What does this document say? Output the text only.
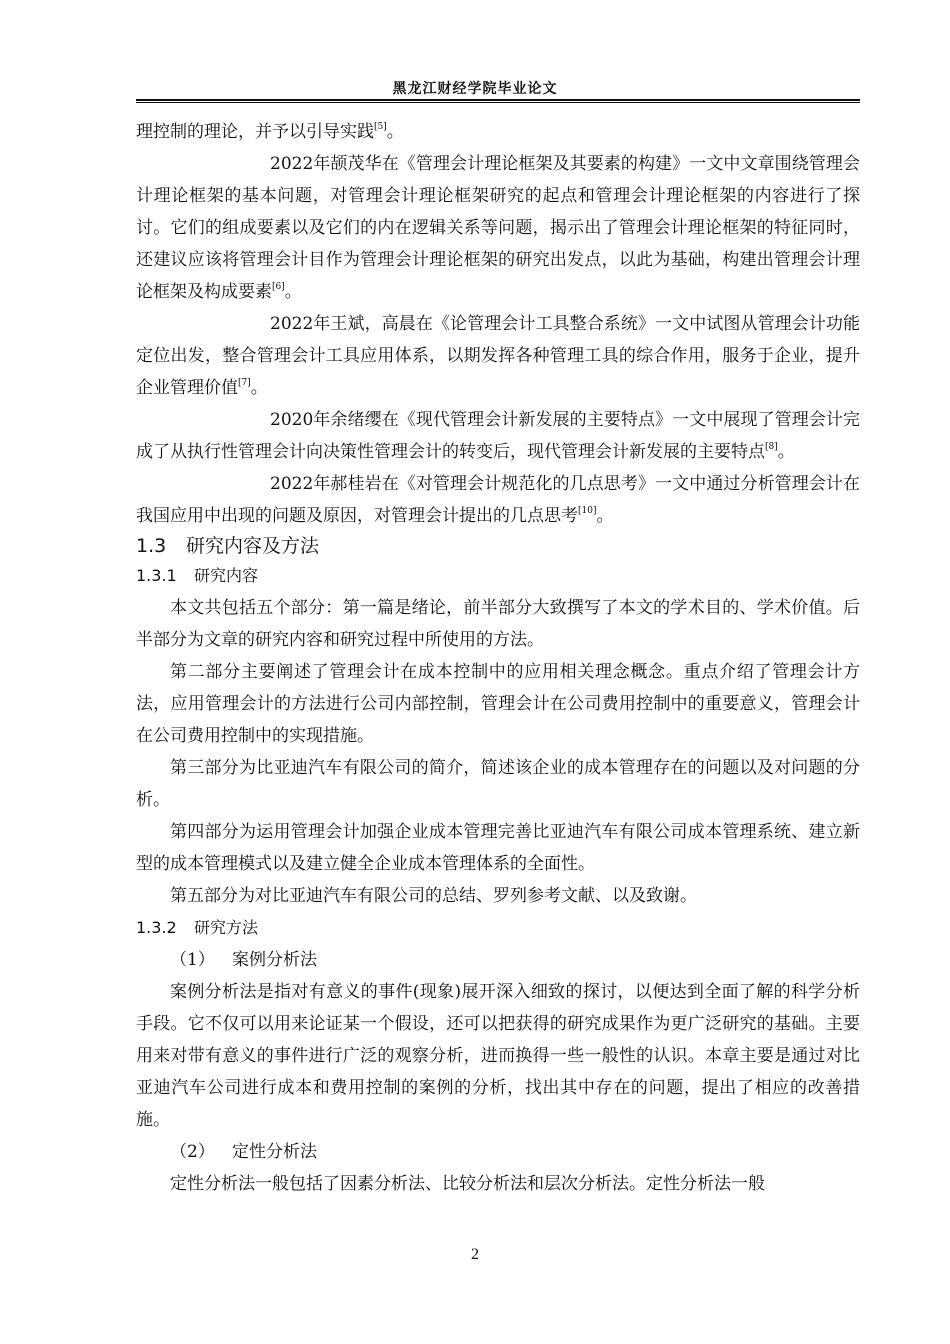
黑龙江财经学院毕业论文

理控制的理论，并予以引导实践[5]。

2022年颉茂华在《管理会计理论框架及其要素的构建》一文中文章围绕管理会计理论框架的基本问题，对管理会计理论框架研究的起点和管理会计理论框架的内容进行了探讨。它们的组成要素以及它们的内在逻辑关系等问题，揭示出了管理会计理论框架的特征同时，还建议应该将管理会计目作为管理会计理论框架的研究出发点，以此为基础，构建出管理会计理论框架及构成要素[6]。

2022年王斌，高晨在《论管理会计工具整合系统》一文中试图从管理会计功能定位出发，整合管理会计工具应用体系，以期发挥各种管理工具的综合作用，服务于企业，提升企业管理价值[7]。

2020年余绪缨在《现代管理会计新发展的主要特点》一文中展现了管理会计完成了从执行性管理会计向决策性管理会计的转变后，现代管理会计新发展的主要特点[8]。

2022年郝桂岩在《对管理会计规范化的几点思考》一文中通过分析管理会计在我国应用中出现的问题及原因，对管理会计提出的几点思考[10]。

1.3 研究内容及方法
1.3.1 研究内容

本文共包括五个部分：第一篇是绪论，前半部分大致撰写了本文的学术目的、学术价值。后半部分为文章的研究内容和研究过程中所使用的方法。

第二部分主要阐述了管理会计在成本控制中的应用相关理念概念。重点介绍了管理会计方法，应用管理会计的方法进行公司内部控制，管理会计在公司费用控制中的重要意义，管理会计在公司费用控制中的实现措施。

第三部分为比亚迪汽车有限公司的简介，简述该企业的成本管理存在的问题以及对问题的分析。

第四部分为运用管理会计加强企业成本管理完善比亚迪汽车有限公司成本管理系统、建立新型的成本管理模式以及建立健全企业成本管理体系的全面性。

第五部分为对比亚迪汽车有限公司的总结、罗列参考文献、以及致谢。

1.3.2 研究方法
（1） 案例分析法

案例分析法是指对有意义的事件(现象)展开深入细致的探讨，以便达到全面了解的科学分析手段。它不仅可以用来论证某一个假设，还可以把获得的研究成果作为更广泛研究的基础。主要用来对带有意义的事件进行广泛的观察分析，进而换得一些一般性的认识。本章主要是通过对比亚迪汽车公司进行成本和费用控制的案例的分析，找出其中存在的问题，提出了相应的改善措施。

（2） 定性分析法

定性分析法一般包括了因素分析法、比较分析法和层次分析法。定性分析法一般

2
